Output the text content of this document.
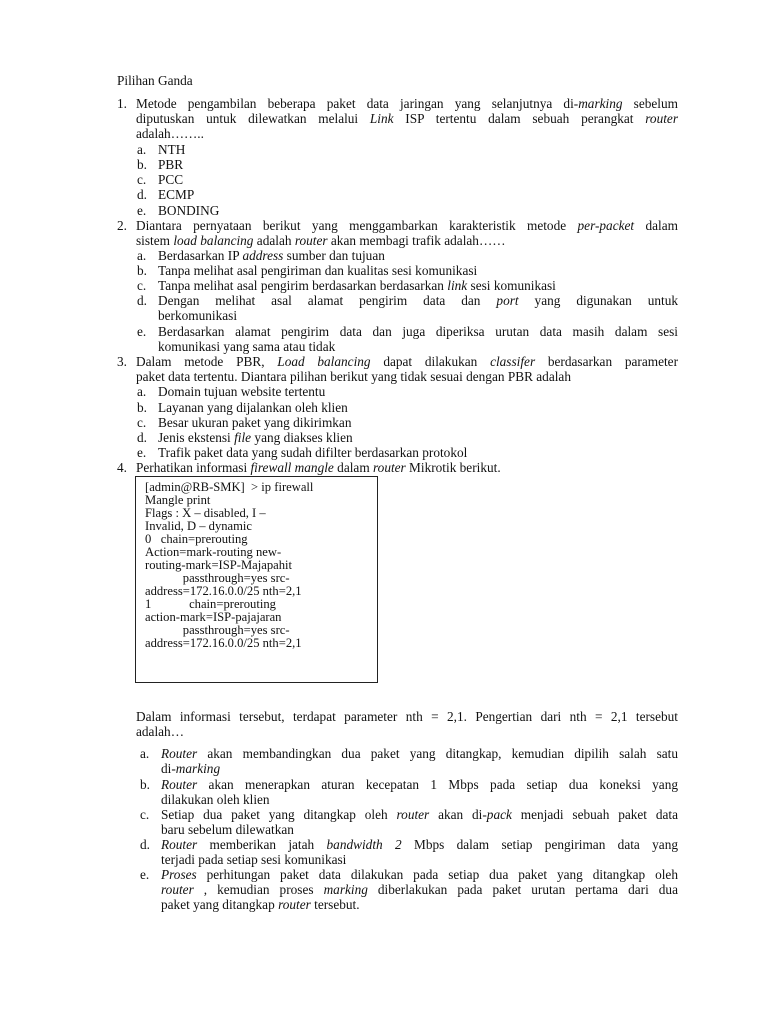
Pilihan Ganda
1. Metode pengambilan beberapa paket data jaringan yang selanjutnya di-marking sebelum
diputuskan untuk dilewatkan melalui Link ISP tertentu dalam sebuah perangkat router
adalah……..
a. NTH
b. PBR
c. PCC
d. ECMP
e. BONDING
2. Diantara pernyataan berikut yang menggambarkan karakteristik metode per-packet dalam
sistem load balancing adalah router akan membagi trafik adalah……
a. Berdasarkan IP address sumber dan tujuan
b. Tanpa melihat asal pengiriman dan kualitas sesi komunikasi
c. Tanpa melihat asal pengirim berdasarkan berdasarkan link sesi komunikasi
d. Dengan melihat asal alamat pengirim data dan port yang digunakan untuk
berkomunikasi
e. Berdasarkan alamat pengirim data dan juga diperiksa urutan data masih dalam sesi
komunikasi yang sama atau tidak
3. Dalam metode PBR, Load balancing dapat dilakukan classifer berdasarkan parameter
paket data tertentu. Diantara pilihan berikut yang tidak sesuai dengan PBR adalah
a. Domain tujuan website tertentu
b. Layanan yang dijalankan oleh klien
c. Besar ukuran paket yang dikirimkan
d. Jenis ekstensi file yang diakses klien
e. Trafik paket data yang sudah difilter berdasarkan protokol
4. Perhatikan informasi firewall mangle dalam router Mikrotik berikut.
[admin@RB-SMK]  > ip firewall
Mangle print
Flags : X – disabled, I –
Invalid, D – dynamic
0   chain=prerouting
Action=mark-routing new-
routing-mark=ISP-Majapahit
passthrough=yes src-
address=172.16.0.0/25 nth=2,1
1            chain=prerouting
action-mark=ISP-pajajaran
passthrough=yes src-
address=172.16.0.0/25 nth=2,1
Dalam informasi tersebut, terdapat parameter nth = 2,1. Pengertian dari nth = 2,1 tersebut
adalah…
a. Router akan membandingkan dua paket yang ditangkap, kemudian dipilih salah satu
di-marking
b. Router akan menerapkan aturan kecepatan 1 Mbps pada setiap dua koneksi yang
dilakukan oleh klien
c. Setiap dua paket yang ditangkap oleh router akan di-pack menjadi sebuah paket data
baru sebelum dilewatkan
d. Router memberikan jatah bandwidth 2 Mbps dalam setiap pengiriman data yang
terjadi pada setiap sesi komunikasi
e. Proses perhitungan paket data dilakukan pada setiap dua paket yang ditangkap oleh
router , kemudian proses marking diberlakukan pada paket urutan pertama dari dua
paket yang ditangkap router tersebut.
